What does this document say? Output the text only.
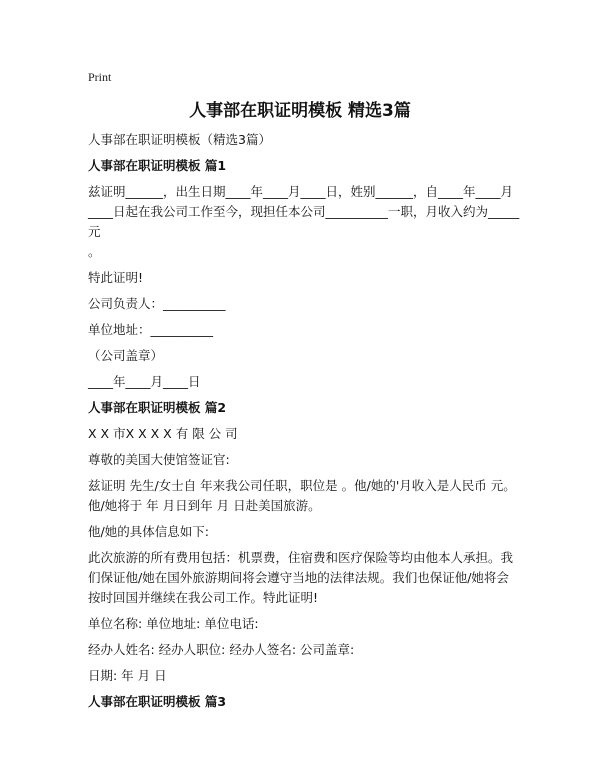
Print
人事部在职证明模板 精选3篇

人事部在职证明模板（精选3篇）

人事部在职证明模板 篇1

兹证明______，出生日期____年____月____日，姓别______，自____年____月
____日起在我公司工作至今，现担任本公司__________一职，月收入约为_____元
。

特此证明!

公司负责人：__________

单位地址：__________

（公司盖章）

____年____月____日

人事部在职证明模板 篇2

X X 市X X X X 有 限 公 司

尊敬的美国大使馆签证官:

兹证明 先生/女士自 年来我公司任职，职位是 。他/她的'月收入是人民币 元。他/她将于 年 月日到年 月 日赴美国旅游。

他/她的具体信息如下:

此次旅游的所有费用包括：机票费，住宿费和医疗保险等均由他本人承担。我们保证他/她在国外旅游期间将会遵守当地的法律法规。我们也保证他/她将会按时回国并继续在我公司工作。特此证明!

单位名称: 单位地址: 单位电话:

经办人姓名: 经办人职位: 经办人签名: 公司盖章:

日期: 年 月 日

人事部在职证明模板 篇3
